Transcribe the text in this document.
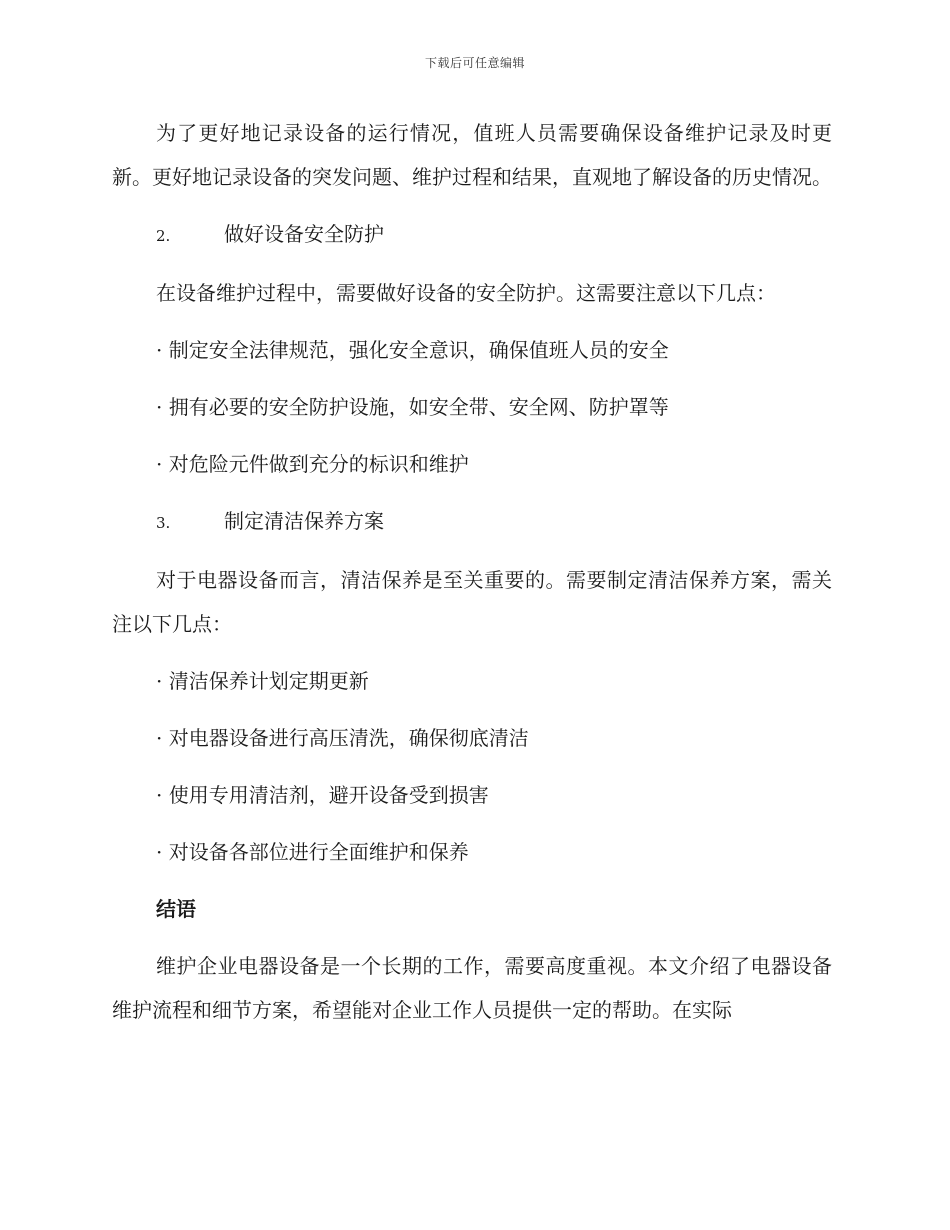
下载后可任意编辑

为了更好地记录设备的运行情况，值班人员需要确保设备维护记录及时更新。更好地记录设备的突发问题、维护过程和结果，直观地了解设备的历史情况。

2.	做好设备安全防护

在设备维护过程中，需要做好设备的安全防护。这需要注意以下几点：

· 制定安全法律规范，强化安全意识，确保值班人员的安全
· 拥有必要的安全防护设施，如安全带、安全网、防护罩等
· 对危险元件做到充分的标识和维护
3.	制定清洁保养方案

对于电器设备而言，清洁保养是至关重要的。需要制定清洁保养方案，需关注以下几点：

· 清洁保养计划定期更新
· 对电器设备进行高压清洗，确保彻底清洁
· 使用专用清洁剂，避开设备受到损害
· 对设备各部位进行全面维护和保养
结语

维护企业电器设备是一个长期的工作，需要高度重视。本文介绍了电器设备维护流程和细节方案，希望能对企业工作人员提供一定的帮助。在实际
